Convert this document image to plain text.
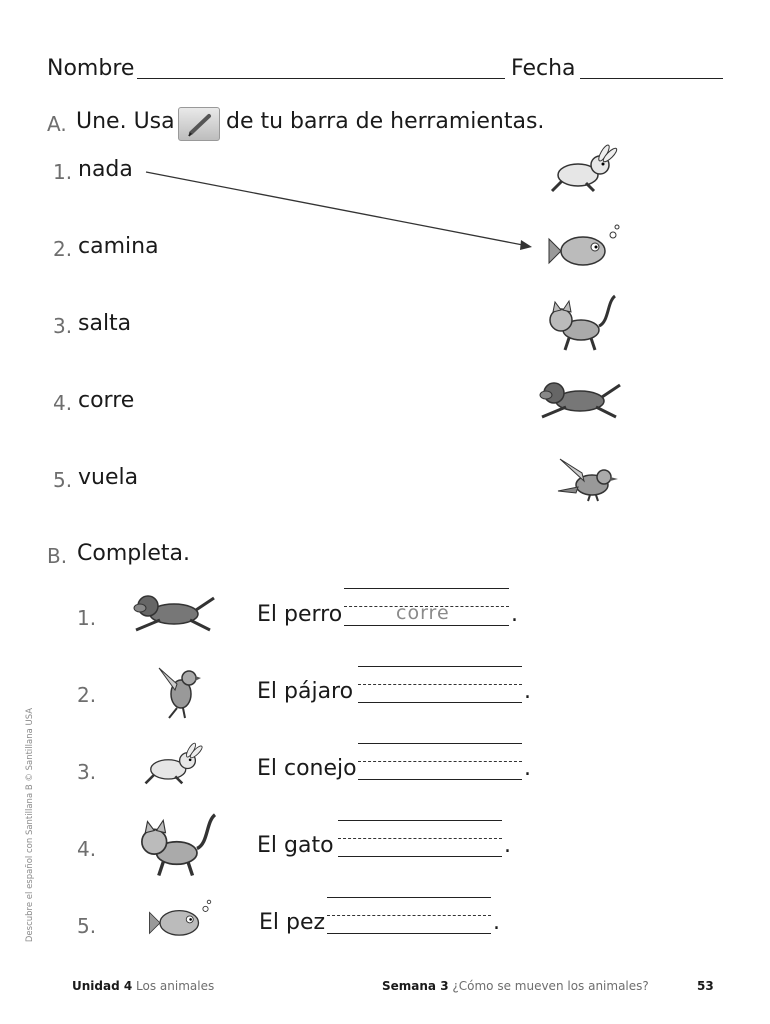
Nombre	Fecha
A. Une. Usa de tu barra de herramientas.
1. nada
2. camina
3. salta
4. corre
5. vuela
B. Completa.
1.	El perro	corre	.
2.	El pájaro	.
3.	El conejo	.
4.	El gato	.
5.	El pez	.
Descubre el español con Santillana B © Santillana USA
Unidad 4 Los animales	Semana 3 ¿Cómo se mueven los animales?	53
